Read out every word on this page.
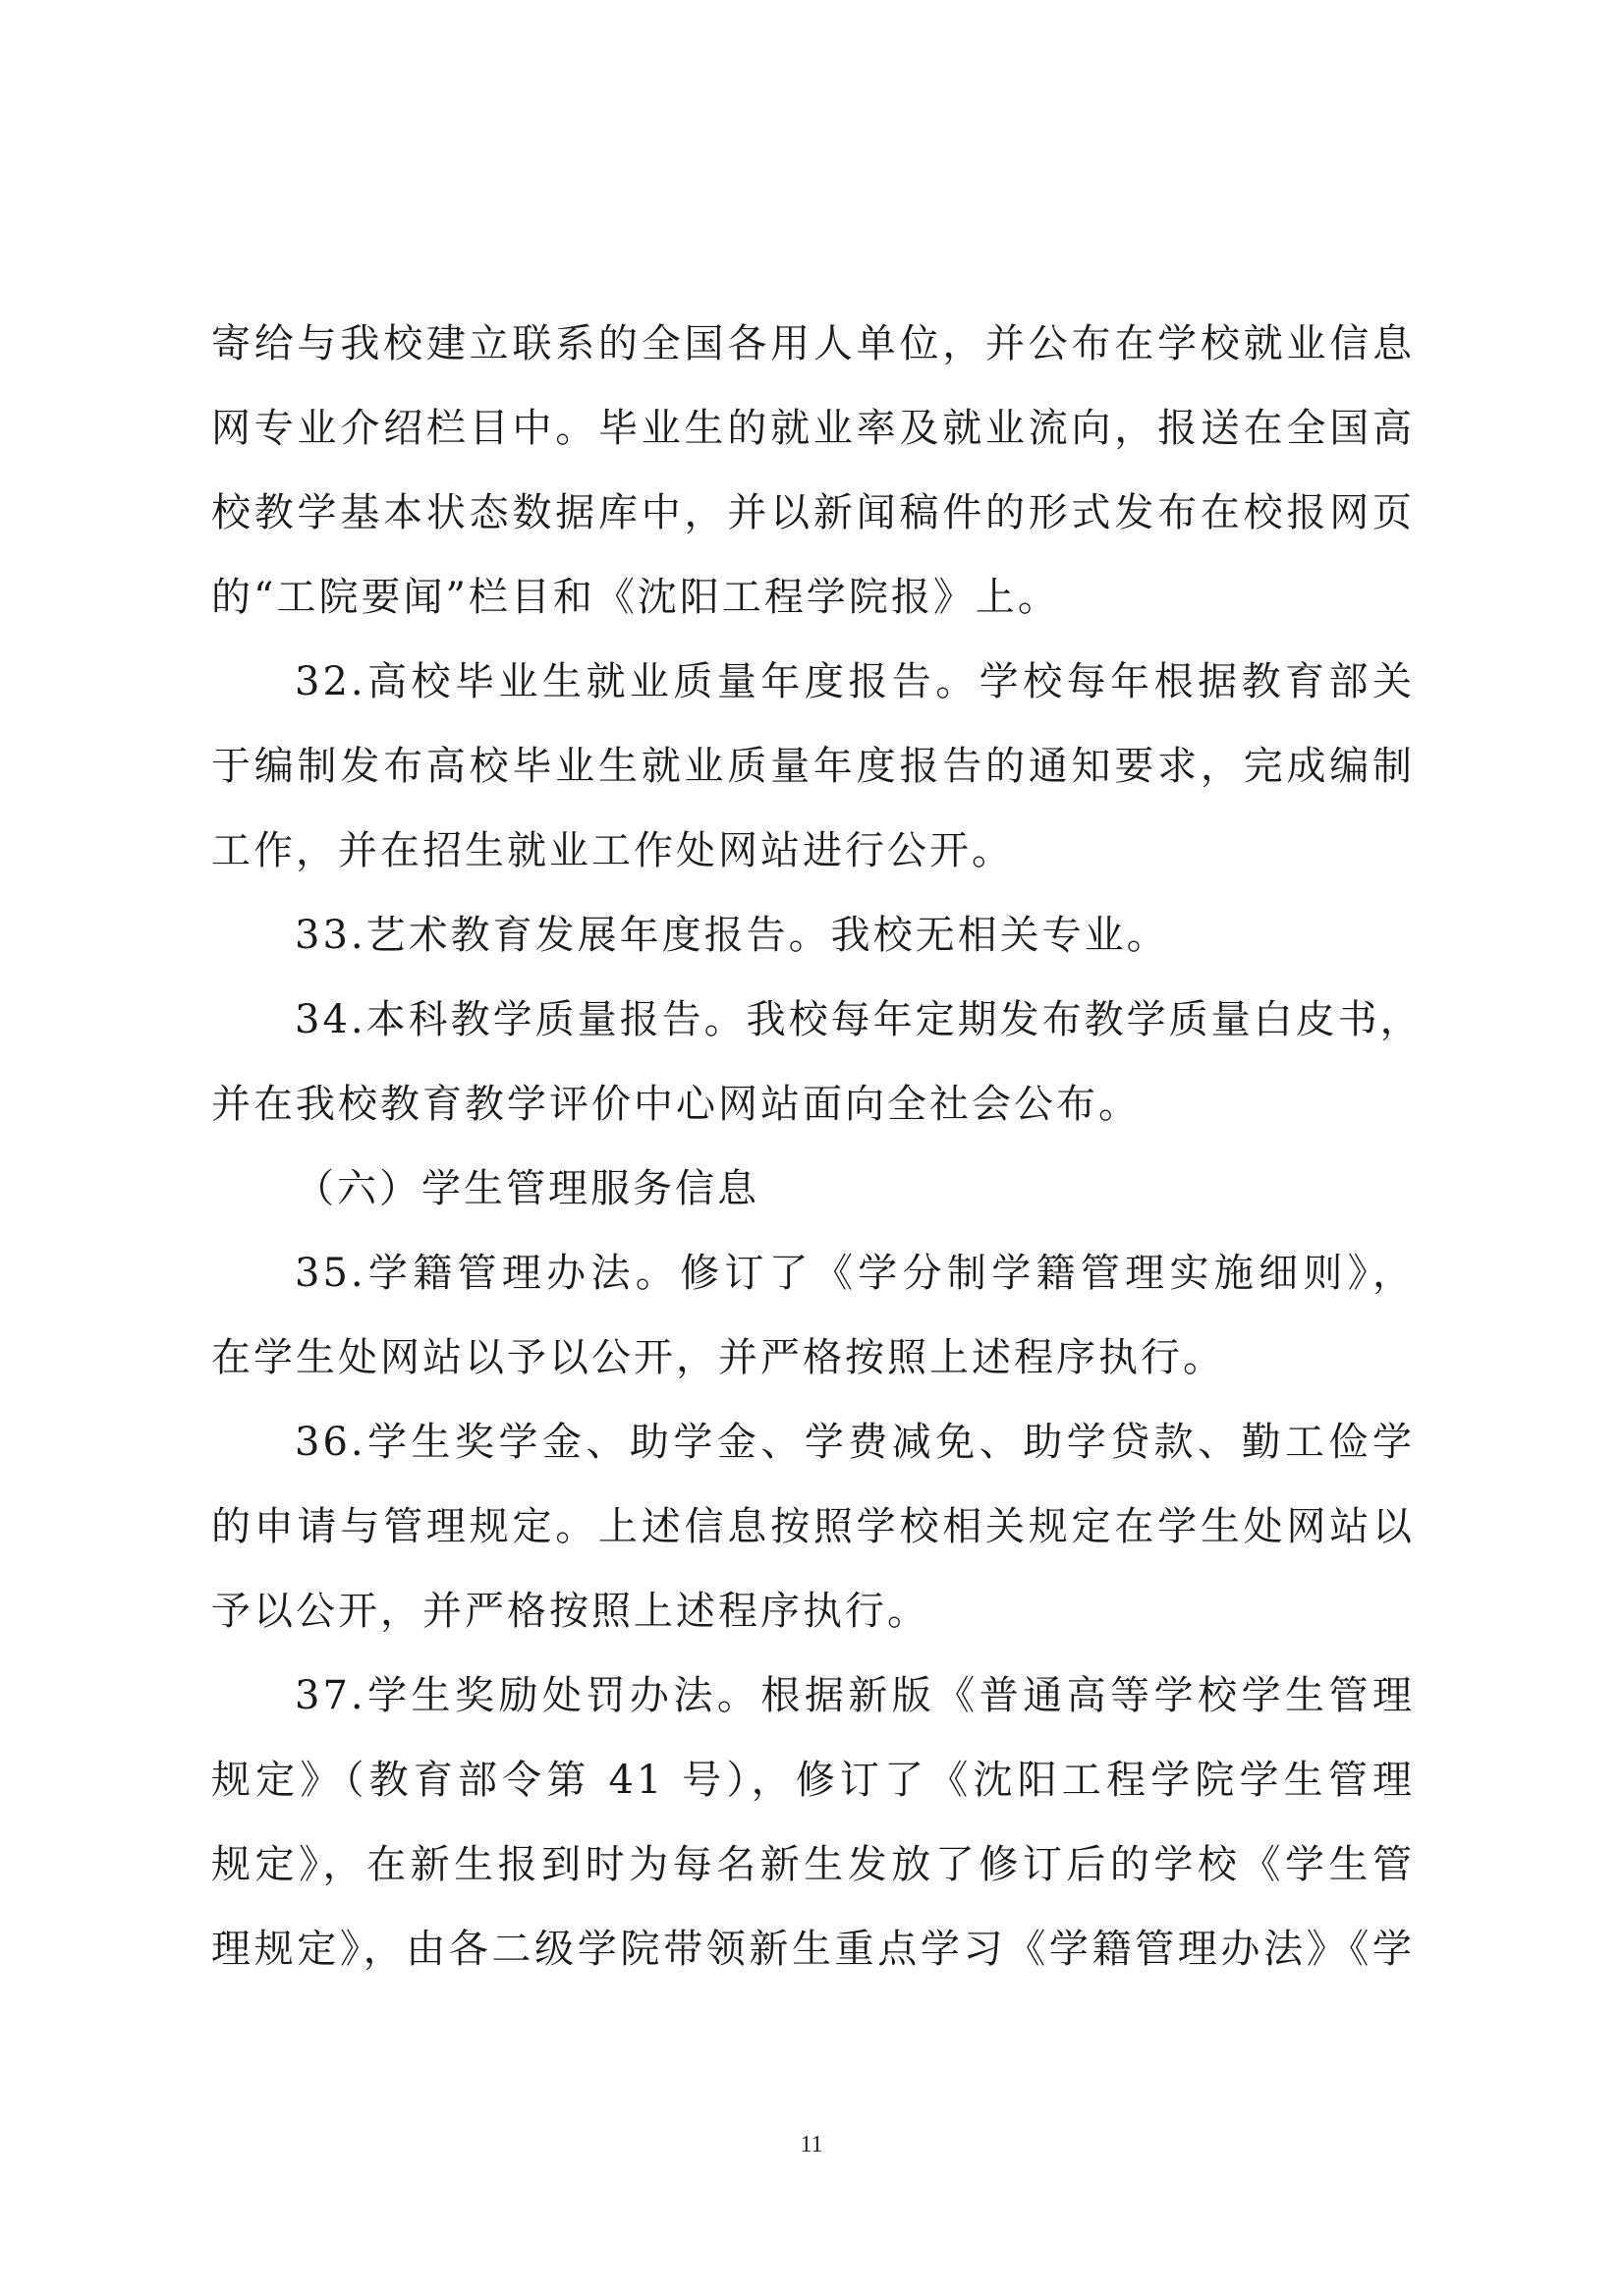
寄给与我校建立联系的全国各用人单位，并公布在学校就业信息
网专业介绍栏目中。毕业生的就业率及就业流向，报送在全国高
校教学基本状态数据库中，并以新闻稿件的形式发布在校报网页
的“工院要闻”栏目和《沈阳工程学院报》上。
32.高校毕业生就业质量年度报告。学校每年根据教育部关
于编制发布高校毕业生就业质量年度报告的通知要求，完成编制
工作，并在招生就业工作处网站进行公开。
33.艺术教育发展年度报告。我校无相关专业。
34.本科教学质量报告。我校每年定期发布教学质量白皮书，
并在我校教育教学评价中心网站面向全社会公布。
（六）学生管理服务信息
35.学籍管理办法。修订了《学分制学籍管理实施细则》，
在学生处网站以予以公开，并严格按照上述程序执行。
36.学生奖学金、助学金、学费减免、助学贷款、勤工俭学
的申请与管理规定。上述信息按照学校相关规定在学生处网站以
予以公开，并严格按照上述程序执行。
37.学生奖励处罚办法。根据新版《普通高等学校学生管理
规定》（教育部令第 41 号），修订了《沈阳工程学院学生管理
规定》，在新生报到时为每名新生发放了修订后的学校《学生管
理规定》，由各二级学院带领新生重点学习《学籍管理办法》《学
11
